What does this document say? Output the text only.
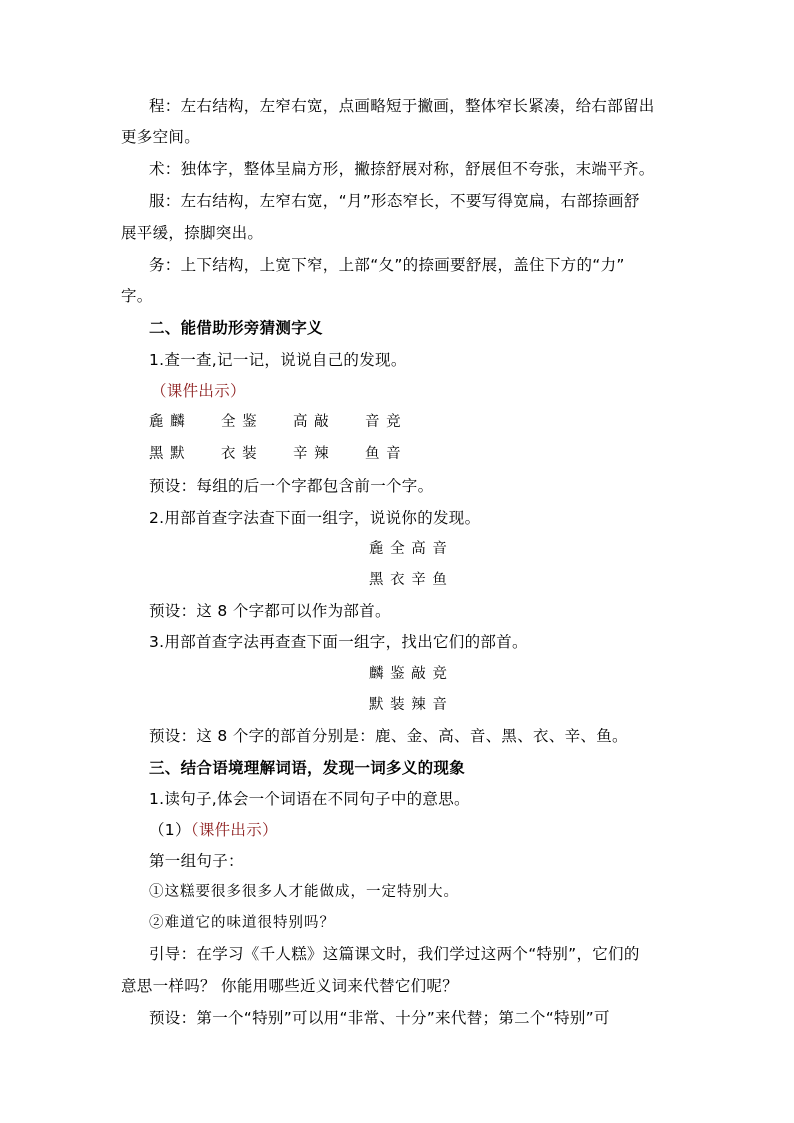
程：左右结构，左窄右宽，点画略短于撇画，整体窄长紧凑，给右部留出
更多空间。
术：独体字，整体呈扁方形，撇捺舒展对称，舒展但不夸张，末端平齐。
服：左右结构，左窄右宽，“月”形态窄长，不要写得宽扁，右部捺画舒
展平缓，捺脚突出。
务：上下结构，上宽下窄，上部“夂”的捺画要舒展，盖住下方的“力”
字。
二、能借助形旁猜测字义
1.查一查,记一记，说说自己的发现。
（课件出示）
麁 麟 全 鉴 高 敲 音 竞
黑 默 衣 装 辛 辣 鱼 音
预设：每组的后一个字都包含前一个字。
2.用部首查字法查下面一组字，说说你的发现。
麁 全 高 音
黑 衣 辛 鱼
预设：这 8 个字都可以作为部首。
3.用部首查字法再查查下面一组字，找出它们的部首。
麟 鉴 敲 竞
默 装 辣 音
预设：这 8 个字的部首分别是：鹿、金、高、音、黑、衣、辛、鱼。
三、结合语境理解词语，发现一词多义的现象
1.读句子,体会一个词语在不同句子中的意思。
（1）（课件出示）
第一组句子：
①这糕要很多很多人才能做成，一定特别大。
②难道它的味道很特别吗？
引导：在学习《千人糕》这篇课文时，我们学过这两个“特别”，它们的
意思一样吗？ 你能用哪些近义词来代替它们呢？
预设：第一个“特别”可以用“非常、十分”来代替；第二个“特别”可
